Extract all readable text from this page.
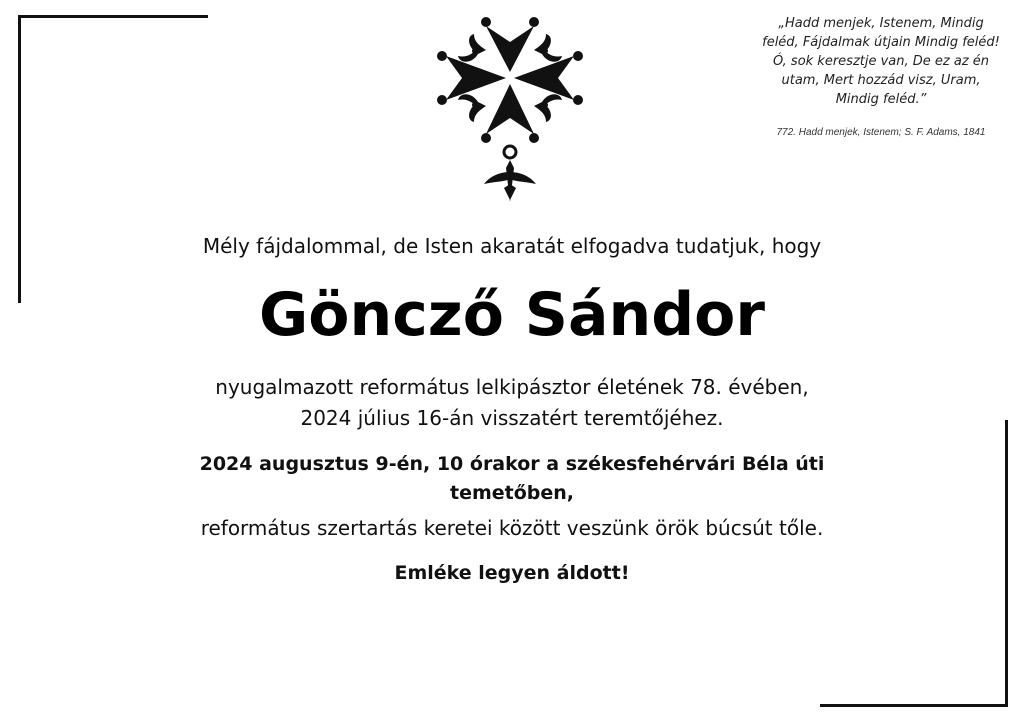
„Hadd menjek, Istenem, Mindig
feléd, Fájdalmak útjain Mindig feléd!
Ó, sok keresztje van, De ez az én
utam, Mert hozzád visz, Uram,
Mindig feléd.”
772. Hadd menjek, Istenem; S. F. Adams, 1841
Mély fájdalommal, de Isten akaratát elfogadva tudatjuk, hogy
Göncző Sándor
nyugalmazott református lelkipásztor életének 78. évében,
2024 július 16-án visszatért teremtőjéhez.
2024 augusztus 9-én, 10 órakor a székesfehérvári Béla úti temetőben,
református szertartás keretei között veszünk örök búcsút tőle.
Emléke legyen áldott!
